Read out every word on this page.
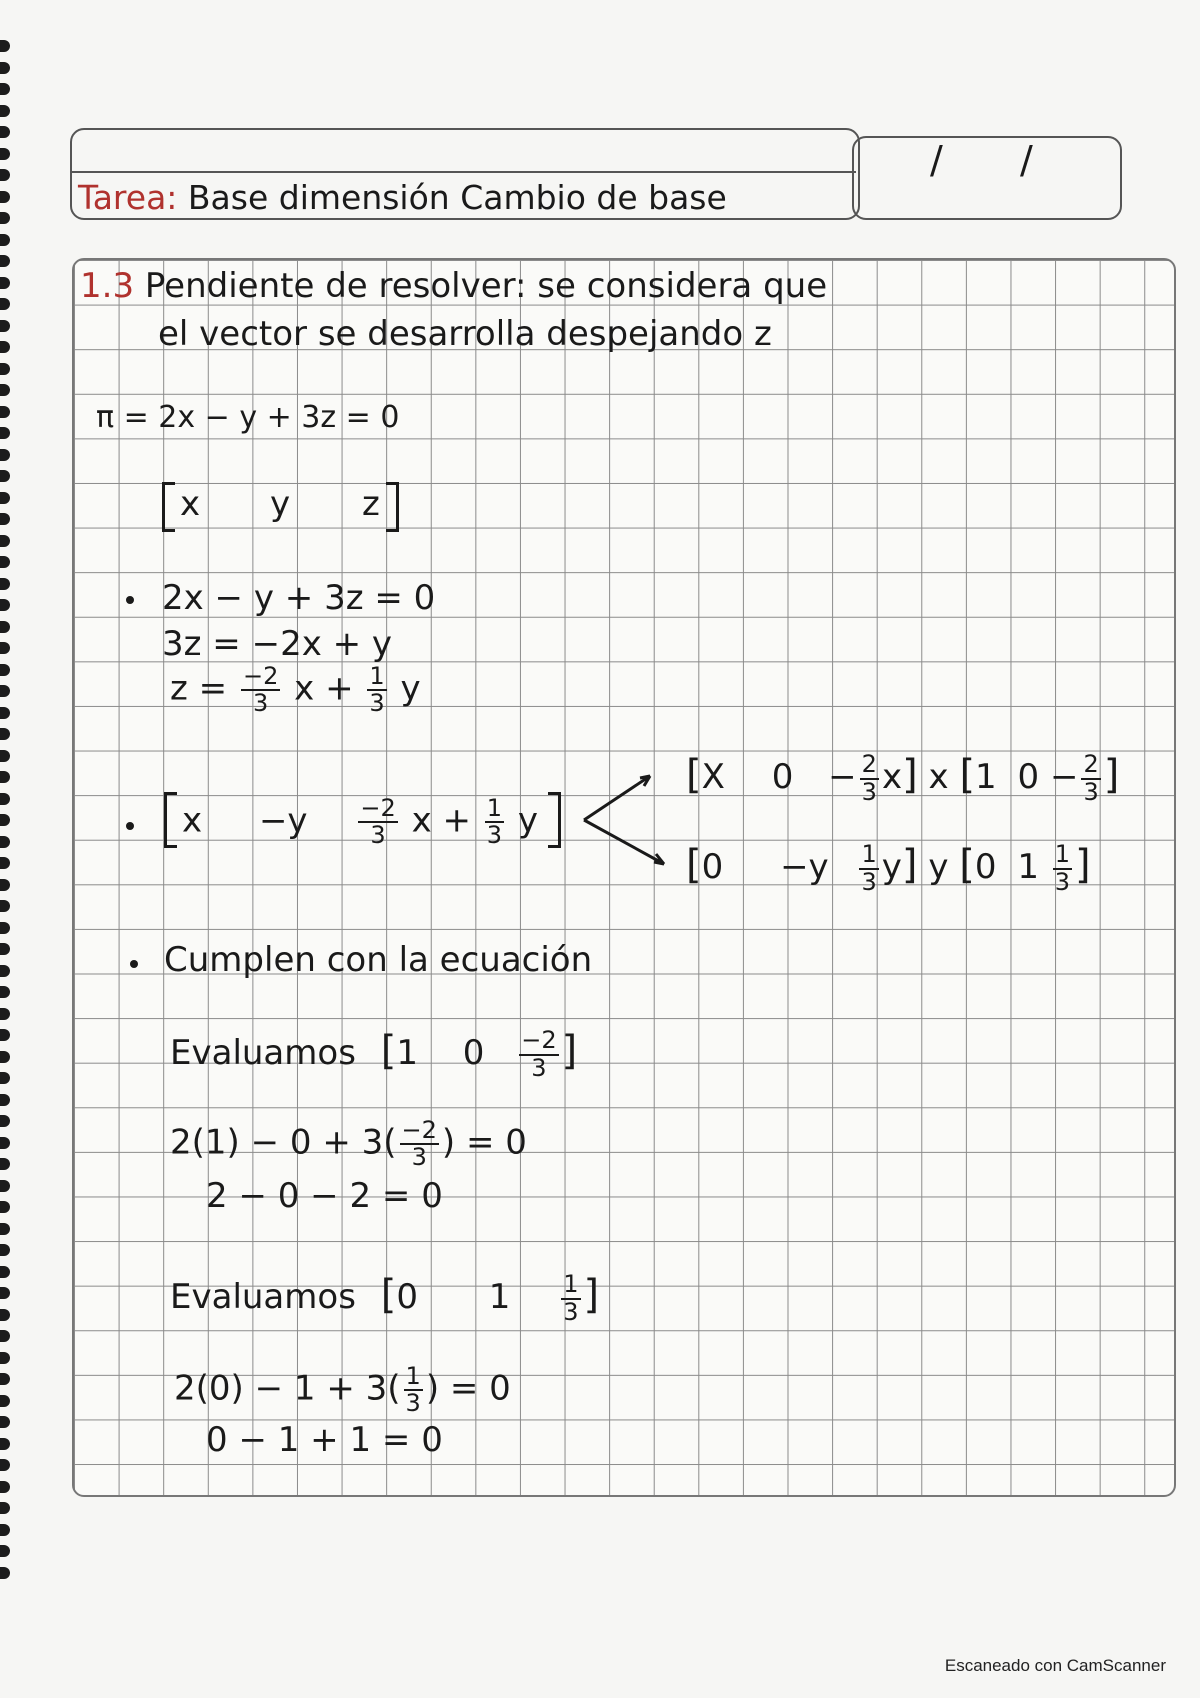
/ /
Tarea: Base dimensión Cambio de base
1.3 Pendiente de resolver: se considera que
el vector se desarrolla despejando z
π = 2x − y + 3z = 0
x y z
2x − y + 3z = 0
3z = −2x + y
$z = \frac{-2}{3}$ $x + \frac{1}{3}$ y
$x -y \frac{-2}{3}$ $x + \frac{1}{3}$ y
[X $0 - \frac{2}{3} x$] x [1 $0 - \frac{2}{3}$ ]
$[0 -y \frac{1}{3} y]$ y [0 $1 \frac{1}{3}$ ]
Cumplen con la ecuación
Evaluamos [1 $0 \frac{-2}{3}$ ]
$2(1) - 0 + 3( \frac{-2}{3}$ ) = 0
2 − 0 − 2 = 0
Evaluamos [0 $1 \frac{1}{3}$ ]
$2(0) - 1 + 3( \frac{1}{3}$ ) = 0
0 − 1 + 1 = 0
Escaneado con CamScanner
